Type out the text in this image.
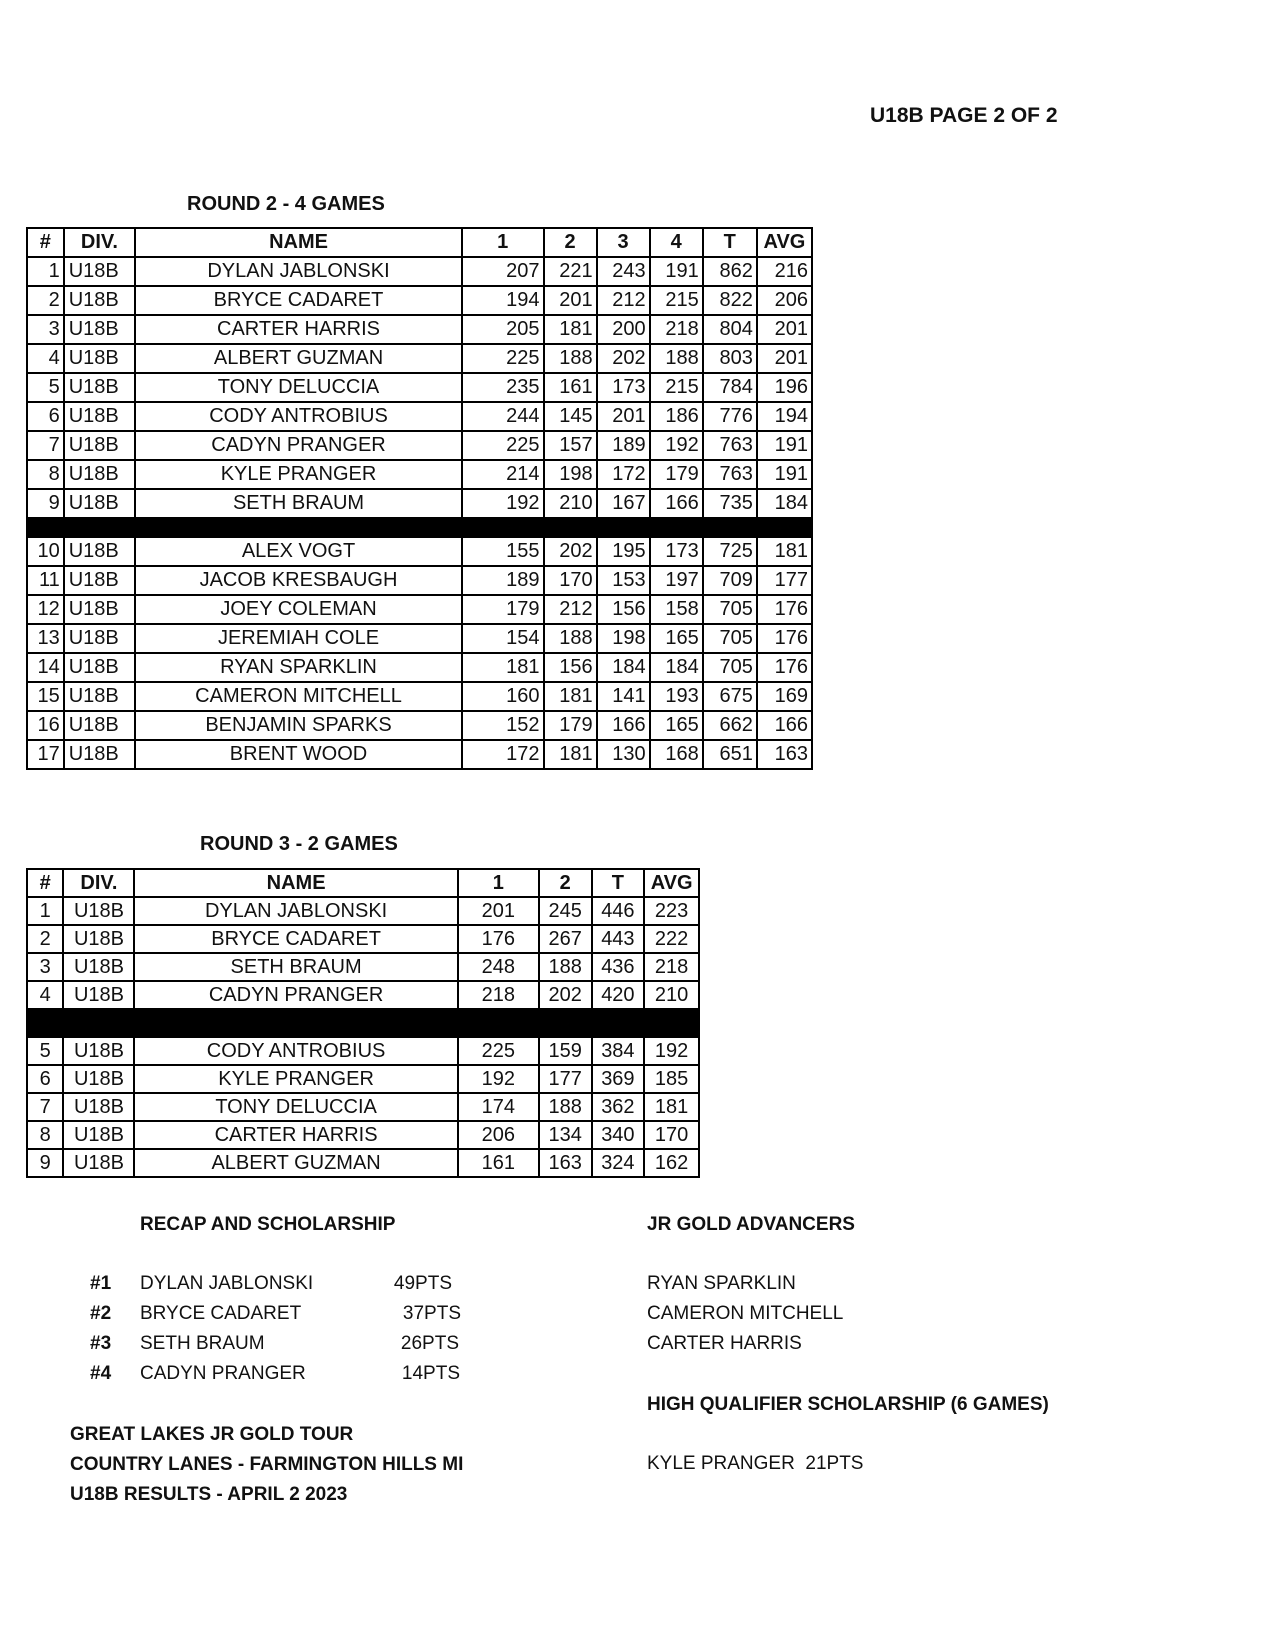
U18B PAGE 2 OF 2
ROUND 2 - 4 GAMES
#	DIV.	NAME	1	2	3	4	T	AVG
1	U18B	DYLAN JABLONSKI	207	221	243	191	862	216
2	U18B	BRYCE CADARET	194	201	212	215	822	206
3	U18B	CARTER HARRIS	205	181	200	218	804	201
4	U18B	ALBERT GUZMAN	225	188	202	188	803	201
5	U18B	TONY DELUCCIA	235	161	173	215	784	196
6	U18B	CODY ANTROBIUS	244	145	201	186	776	194
7	U18B	CADYN PRANGER	225	157	189	192	763	191
8	U18B	KYLE PRANGER	214	198	172	179	763	191
9	U18B	SETH BRAUM	192	210	167	166	735	184

10	U18B	ALEX VOGT	155	202	195	173	725	181
11	U18B	JACOB KRESBAUGH	189	170	153	197	709	177
12	U18B	JOEY COLEMAN	179	212	156	158	705	176
13	U18B	JEREMIAH COLE	154	188	198	165	705	176
14	U18B	RYAN SPARKLIN	181	156	184	184	705	176
15	U18B	CAMERON MITCHELL	160	181	141	193	675	169
16	U18B	BENJAMIN SPARKS	152	179	166	165	662	166
17	U18B	BRENT WOOD	172	181	130	168	651	163
ROUND 3 - 2 GAMES
#	DIV.	NAME	1	2	T	AVG
1	U18B	DYLAN JABLONSKI	201	245	446	223
2	U18B	BRYCE CADARET	176	267	443	222
3	U18B	SETH BRAUM	248	188	436	218
4	U18B	CADYN PRANGER	218	202	420	210

5	U18B	CODY ANTROBIUS	225	159	384	192
6	U18B	KYLE PRANGER	192	177	369	185
7	U18B	TONY DELUCCIA	174	188	362	181
8	U18B	CARTER HARRIS	206	134	340	170
9	U18B	ALBERT GUZMAN	161	163	324	162
RECAP AND SCHOLARSHIP
#1 DYLAN JABLONSKI	49PTS
#2 BRYCE CADARET	37PTS
#3 SETH BRAUM	26PTS
#4 CADYN PRANGER	14PTS
JR GOLD ADVANCERS
RYAN SPARKLIN
CAMERON MITCHELL
CARTER HARRIS
HIGH QUALIFIER SCHOLARSHIP (6 GAMES)
KYLE PRANGER  21PTS
GREAT LAKES JR GOLD TOUR
COUNTRY LANES - FARMINGTON HILLS MI
U18B RESULTS - APRIL 2 2023
